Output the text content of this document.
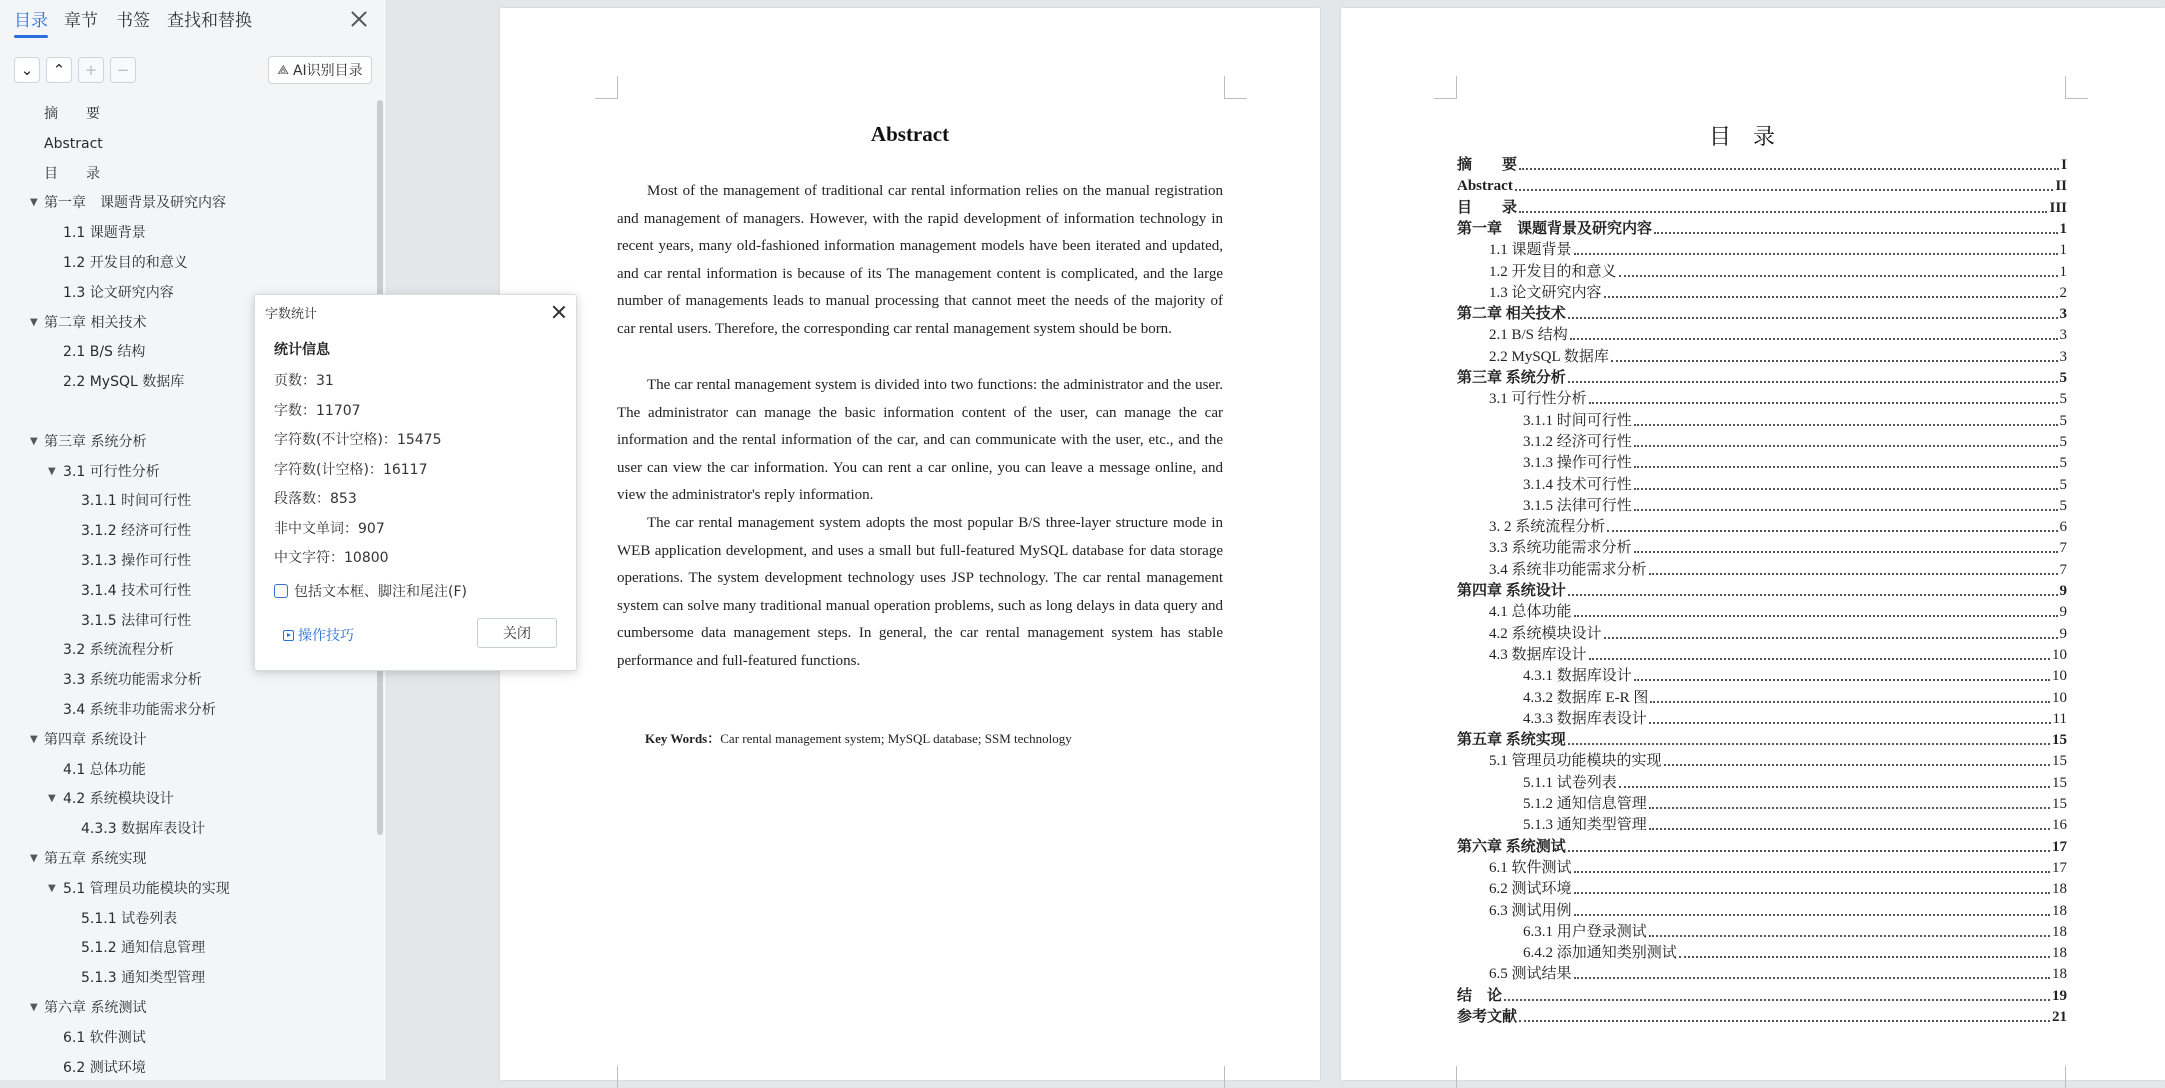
目录 章节 书签 查找和替换
⌄ ⌃ + −	⟁ AI识别目录
摘　　要
Abstract
目　　录
▼ 第一章　课题背景及研究内容
1.1 课题背景
1.2 开发目的和意义
1.3 论文研究内容
▼ 第二章 相关技术
2.1 B/S 结构
2.2 MySQL 数据库
▼ 第三章 系统分析
▼ 3.1 可行性分析
3.1.1 时间可行性
3.1.2 经济可行性
3.1.3 操作可行性
3.1.4 技术可行性
3.1.5 法律可行性
3.2 系统流程分析
3.3 系统功能需求分析
3.4 系统非功能需求分析
▼ 第四章 系统设计
4.1 总体功能
▼ 4.2 系统模块设计
4.3.3 数据库表设计
▼ 第五章 系统实现
▼ 5.1 管理员功能模块的实现
5.1.1 试卷列表
5.1.2 通知信息管理
5.1.3 通知类型管理
▼ 第六章 系统测试
6.1 软件测试
6.2 测试环境
Abstract

Most of the management of traditional car rental information relies on the manual registration and management of managers. However, with the rapid development of information technology in recent years, many old-fashioned information management models have been iterated and updated, and car rental information is because of its The management content is complicated, and the large number of managements leads to manual processing that cannot meet the needs of the majority of car rental users. Therefore, the corresponding car rental management system should be born.

The car rental management system is divided into two functions: the administrator and the user. The administrator can manage the basic information content of the user, can manage the car information and the rental information of the car, and can communicate with the user, etc., and the user can view the car information. You can rent a car online, you can leave a message online, and view the administrator's reply information.

The car rental management system adopts the most popular B/S three-layer structure mode in WEB application development, and uses a small but full-featured MySQL database for data storage operations. The system development technology uses JSP technology. The car rental management system can solve many traditional manual operation problems, such as long delays in data query and cumbersome data management steps. In general, the car rental management system has stable performance and full-featured functions.

Key Words：Car rental management system; MySQL database; SSM technology
目录
摘　　要	I
Abstract	II
目　　录	III
第一章　课题背景及研究内容	1
1.1 课题背景	1
1.2 开发目的和意义	1
1.3 论文研究内容	2
第二章 相关技术	3
2.1 B/S 结构	3
2.2 MySQL 数据库	3
第三章 系统分析	5
3.1 可行性分析	5
3.1.1 时间可行性	5
3.1.2 经济可行性	5
3.1.3 操作可行性	5
3.1.4 技术可行性	5
3.1.5 法律可行性	5
3. 2 系统流程分析	6
3.3 系统功能需求分析	7
3.4 系统非功能需求分析	7
第四章 系统设计	9
4.1 总体功能	9
4.2 系统模块设计	9
4.3 数据库设计	10
4.3.1 数据库设计	10
4.3.2 数据库 E-R 图	10
4.3.3 数据库表设计	11
第五章 系统实现	15
5.1 管理员功能模块的实现	15
5.1.1 试卷列表	15
5.1.2 通知信息管理	15
5.1.3 通知类型管理	16
第六章 系统测试	17
6.1 软件测试	17
6.2 测试环境	18
6.3 测试用例	18
6.3.1 用户登录测试	18
6.4.2 添加通知类别测试	18
6.5 测试结果	18
结　论	19
参考文献	21
字数统计
统计信息
页数：31
字数：11707
字符数(不计空格)：15475
字符数(计空格)：16117
段落数：853
非中文单词：907
中文字符：10800
包括文本框、脚注和尾注(F)
操作技巧	关闭
